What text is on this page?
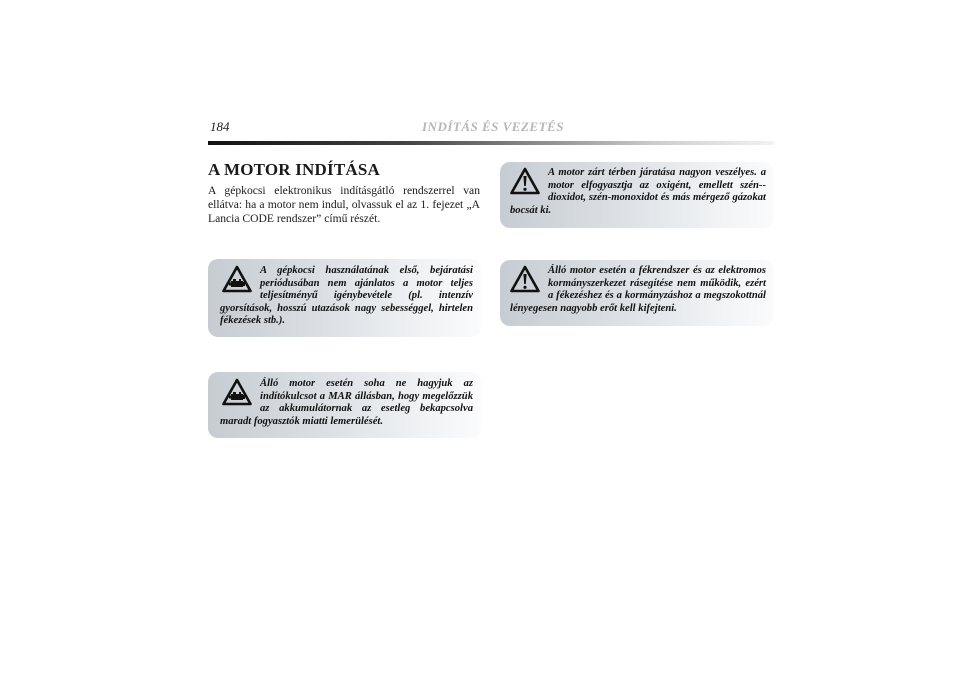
184	INDÍTÁS ÉS VEZETÉS
A MOTOR INDÍTÁSA

A gépkocsi elektronikus indításgátló rendszerrel van ellátva: ha a motor nem indul, olvassuk el az 1. fejezet „A Lancia CODE rendszer” című részét.

A gépkocsi használatának első, bejáratási periódusában nem ajánlatos a motor teljes teljesítményű igénybevétele (pl. intenzív gyorsítások, hosszú utazások nagy sebességgel, hirtelen fékezések stb.).

Álló motor esetén soha ne hagyjuk az indítókulcsot a MAR állásban, hogy megelőzzük az akkumulátornak az esetleg bekapcsolva maradt fogyasztók miatti lemerülését.

A motor zárt térben járatása nagyon veszélyes. a motor elfogyasztja az oxigént, emellett szén--dioxidot, szén-monoxidot és más mérgező gázokat bocsát ki.

Álló motor esetén a fékrendszer és az elektromos kormányszerkezet rásegítése nem működik, ezért a fékezéshez és a kormányzáshoz a megszokottnál lényegesen nagyobb erőt kell kifejteni.
